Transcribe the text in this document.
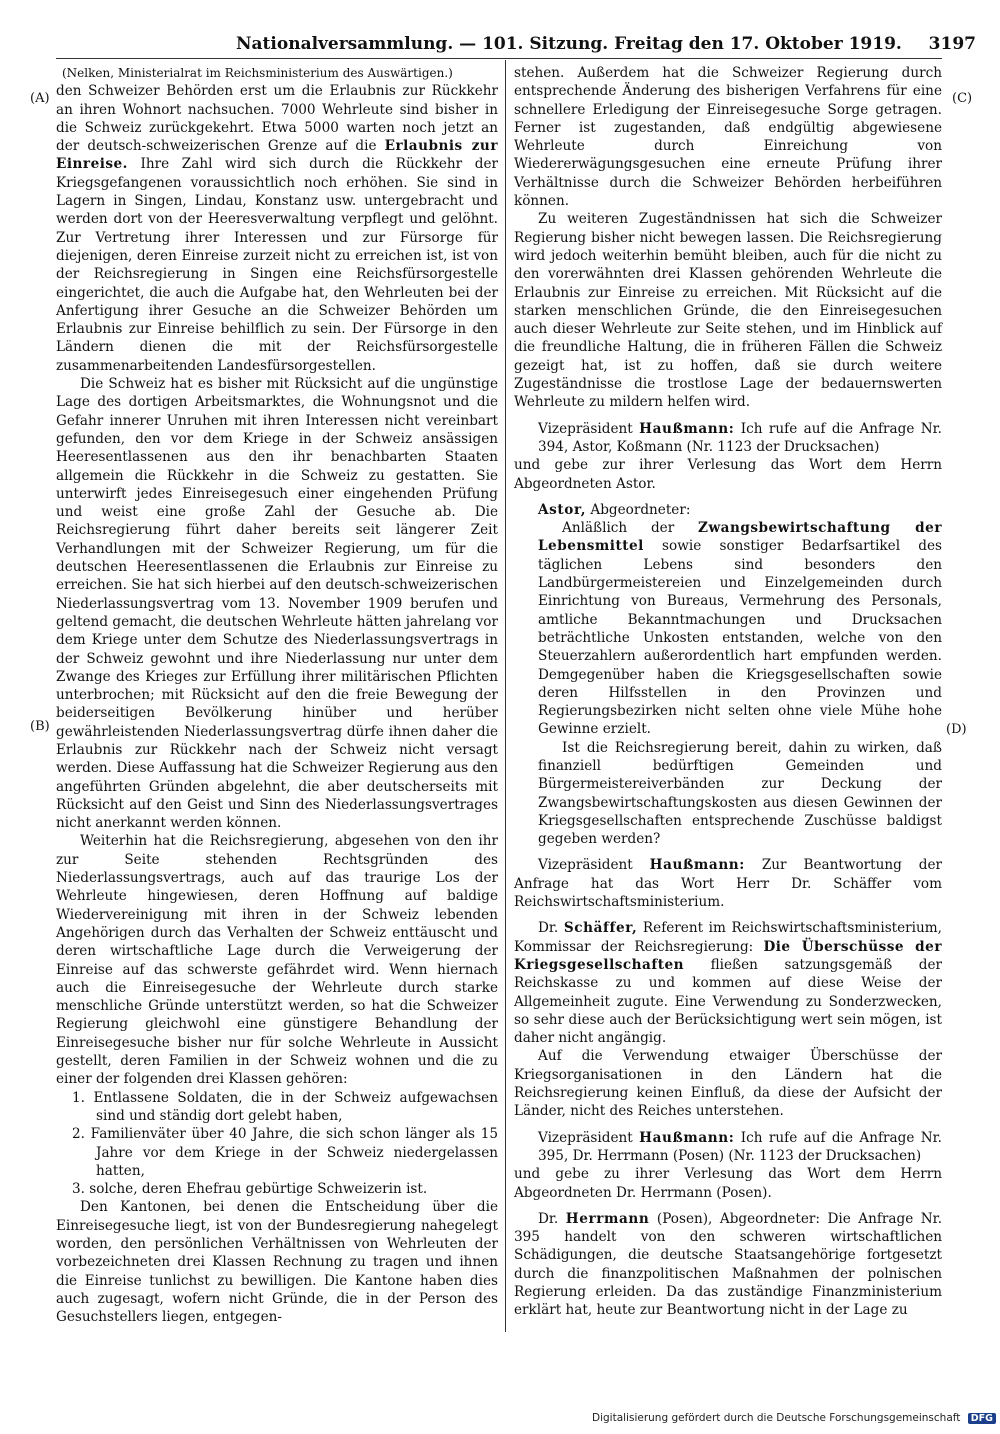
Nationalversammlung. — 101. Sitzung. Freitag den 17. Oktober 1919. 3197
(A)
(B)
(C)
(D)

(Nelken, Ministerialrat im Reichsministerium des Auswärtigen.)

den Schweizer Behörden erst um die Erlaubnis zur Rückkehr an ihren Wohnort nachsuchen. 7000 Wehrleute sind bisher in die Schweiz zurückgekehrt. Etwa 5000 warten noch jetzt an der deutsch-schweizerischen Grenze auf die Erlaubnis zur Einreise. Ihre Zahl wird sich durch die Rückkehr der Kriegsgefangenen voraussichtlich noch erhöhen. Sie sind in Lagern in Singen, Lindau, Konstanz usw. untergebracht und werden dort von der Heeresverwaltung verpflegt und gelöhnt. Zur Vertretung ihrer Interessen und zur Fürsorge für diejenigen, deren Einreise zurzeit nicht zu erreichen ist, ist von der Reichsregierung in Singen eine Reichsfürsorgestelle eingerichtet, die auch die Aufgabe hat, den Wehrleuten bei der Anfertigung ihrer Gesuche an die Schweizer Behörden um Erlaubnis zur Einreise behilflich zu sein. Der Fürsorge in den Ländern dienen die mit der Reichsfürsorgestelle zusammenarbeitenden Landesfürsorgestellen.

Die Schweiz hat es bisher mit Rücksicht auf die ungünstige Lage des dortigen Arbeitsmarktes, die Wohnungsnot und die Gefahr innerer Unruhen mit ihren Interessen nicht vereinbart gefunden, den vor dem Kriege in der Schweiz ansässigen Heeresentlassenen aus den ihr benachbarten Staaten allgemein die Rückkehr in die Schweiz zu gestatten. Sie unterwirft jedes Einreisegesuch einer eingehenden Prüfung und weist eine große Zahl der Gesuche ab. Die Reichsregierung führt daher bereits seit längerer Zeit Verhandlungen mit der Schweizer Regierung, um für die deutschen Heeresentlassenen die Erlaubnis zur Einreise zu erreichen. Sie hat sich hierbei auf den deutsch-schweizerischen Niederlassungsvertrag vom 13. November 1909 berufen und geltend gemacht, die deutschen Wehrleute hätten jahrelang vor dem Kriege unter dem Schutze des Niederlassungsvertrags in der Schweiz gewohnt und ihre Niederlassung nur unter dem Zwange des Krieges zur Erfüllung ihrer militärischen Pflichten unterbrochen; mit Rücksicht auf den die freie Bewegung der beiderseitigen Bevölkerung hinüber und herüber gewährleistenden Niederlassungsvertrag dürfe ihnen daher die Erlaubnis zur Rückkehr nach der Schweiz nicht versagt werden. Diese Auffassung hat die Schweizer Regierung aus den angeführten Gründen abgelehnt, die aber deutscherseits mit Rücksicht auf den Geist und Sinn des Niederlassungsvertrages nicht anerkannt werden können.

Weiterhin hat die Reichsregierung, abgesehen von den ihr zur Seite stehenden Rechtsgründen des Niederlassungsvertrags, auch auf das traurige Los der Wehrleute hingewiesen, deren Hoffnung auf baldige Wiedervereinigung mit ihren in der Schweiz lebenden Angehörigen durch das Verhalten der Schweiz enttäuscht und deren wirtschaftliche Lage durch die Verweigerung der Einreise auf das schwerste gefährdet wird. Wenn hiernach auch die Einreisegesuche der Wehrleute durch starke menschliche Gründe unterstützt werden, so hat die Schweizer Regierung gleichwohl eine günstigere Behandlung der Einreisegesuche bisher nur für solche Wehrleute in Aussicht gestellt, deren Familien in der Schweiz wohnen und die zu einer der folgenden drei Klassen gehören:

1. Entlassene Soldaten, die in der Schweiz aufgewachsen sind und ständig dort gelebt haben,

2. Familienväter über 40 Jahre, die sich schon länger als 15 Jahre vor dem Kriege in der Schweiz niedergelassen hatten,

3. solche, deren Ehefrau gebürtige Schweizerin ist.

Den Kantonen, bei denen die Entscheidung über die Einreisegesuche liegt, ist von der Bundesregierung nahegelegt worden, den persönlichen Verhältnissen von Wehrleuten der vorbezeichneten drei Klassen Rechnung zu tragen und ihnen die Einreise tunlichst zu bewilligen. Die Kantone haben dies auch zugesagt, wofern nicht Gründe, die in der Person des Gesuchstellers liegen, entgegen-

stehen. Außerdem hat die Schweizer Regierung durch entsprechende Änderung des bisherigen Verfahrens für eine schnellere Erledigung der Einreisegesuche Sorge getragen. Ferner ist zugestanden, daß endgültig abgewiesene Wehrleute durch Einreichung von Wiedererwägungsgesuchen eine erneute Prüfung ihrer Verhältnisse durch die Schweizer Behörden herbeiführen können.

Zu weiteren Zugeständnissen hat sich die Schweizer Regierung bisher nicht bewegen lassen. Die Reichsregierung wird jedoch weiterhin bemüht bleiben, auch für die nicht zu den vorerwähnten drei Klassen gehörenden Wehrleute die Erlaubnis zur Einreise zu erreichen. Mit Rücksicht auf die starken menschlichen Gründe, die den Einreisegesuchen auch dieser Wehrleute zur Seite stehen, und im Hinblick auf die freundliche Haltung, die in früheren Fällen die Schweiz gezeigt hat, ist zu hoffen, daß sie durch weitere Zugeständnisse die trostlose Lage der bedauernswerten Wehrleute zu mildern helfen wird.

Vizepräsident Haußmann: Ich rufe auf die Anfrage Nr. 394, Astor, Koßmann (Nr. 1123 der Drucksachen)

und gebe zur ihrer Verlesung das Wort dem Herrn Abgeordneten Astor.

Astor, Abgeordneter:

Anläßlich der Zwangsbewirtschaftung der Lebensmittel sowie sonstiger Bedarfsartikel des täglichen Lebens sind besonders den Landbürgermeistereien und Einzelgemeinden durch Einrichtung von Bureaus, Vermehrung des Personals, amtliche Bekanntmachungen und Drucksachen beträchtliche Unkosten entstanden, welche von den Steuerzahlern außerordentlich hart empfunden werden. Demgegenüber haben die Kriegsgesellschaften sowie deren Hilfsstellen in den Provinzen und Regierungsbezirken nicht selten ohne viele Mühe hohe Gewinne erzielt.

Ist die Reichsregierung bereit, dahin zu wirken, daß finanziell bedürftigen Gemeinden und Bürgermeistereiverbänden zur Deckung der Zwangsbewirtschaftungskosten aus diesen Gewinnen der Kriegsgesellschaften entsprechende Zuschüsse baldigst gegeben werden?

Vizepräsident Haußmann: Zur Beantwortung der Anfrage hat das Wort Herr Dr. Schäffer vom Reichswirtschaftsministerium.

Dr. Schäffer, Referent im Reichswirtschaftsministerium, Kommissar der Reichsregierung: Die Überschüsse der Kriegsgesellschaften fließen satzungsgemäß der Reichskasse zu und kommen auf diese Weise der Allgemeinheit zugute. Eine Verwendung zu Sonderzwecken, so sehr diese auch der Berücksichtigung wert sein mögen, ist daher nicht angängig.

Auf die Verwendung etwaiger Überschüsse der Kriegsorganisationen in den Ländern hat die Reichsregierung keinen Einfluß, da diese der Aufsicht der Länder, nicht des Reiches unterstehen.

Vizepräsident Haußmann: Ich rufe auf die Anfrage Nr. 395, Dr. Herrmann (Posen) (Nr. 1123 der Drucksachen)

und gebe zu ihrer Verlesung das Wort dem Herrn Abgeordneten Dr. Herrmann (Posen).

Dr. Herrmann (Posen), Abgeordneter: Die Anfrage Nr. 395 handelt von den schweren wirtschaftlichen Schädigungen, die deutsche Staatsangehörige fortgesetzt durch die finanzpolitischen Maßnahmen der polnischen Regierung erleiden. Da das zuständige Finanzministerium erklärt hat, heute zur Beantwortung nicht in der Lage zu

Digitalisierung gefördert durch die Deutsche Forschungsgemeinschaft DFG
